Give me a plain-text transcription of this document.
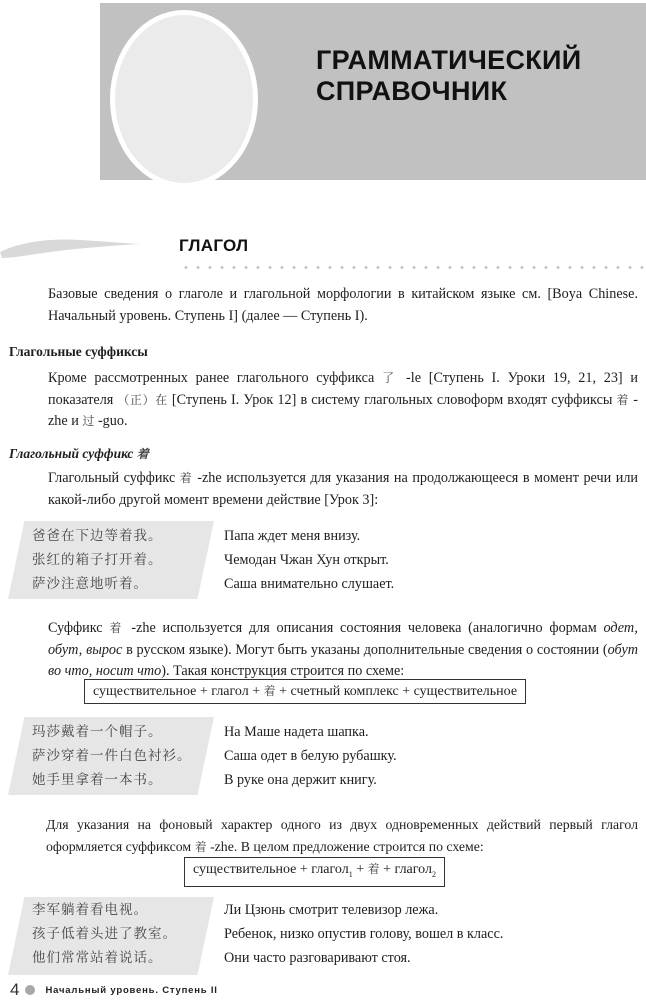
ГРАММАТИЧЕСКИЙ
СПРАВОЧНИК
ГЛАГОЛ

Базовые сведения о глаголе и глагольной морфологии в китайском языке см. [Boya Chinese. Начальный уровень. Ступень I] (далее — Ступень I).

Глагольные суффиксы

Кроме рассмотренных ранее глагольного суффикса 了 -le [Ступень I. Уроки 19, 21, 23] и показателя （正）在 [Ступень I. Урок 12] в систему глагольных словоформ входят суффиксы 着 -zhe и 过 -guo.

Глагольный суффикс 着

Глагольный суффикс 着 -zhe используется для указания на продолжающееся в момент речи или какой-либо другой момент времени действие [Урок 3]:

爸爸在下边等着我。	Папа ждет меня внизу.
张红的箱子打开着。	Чемодан Чжан Хун открыт.
萨沙注意地听着。	Саша внимательно слушает.

Суффикс 着 -zhe используется для описания состояния человека (аналогично формам одет, обут, вырос в русском языке). Могут быть указаны дополнительные сведения о состоянии (обут во что, носит что). Такая конструкция строится по схеме:

существительное + глагол + 着 + счетный комплекс + существительное
玛莎戴着一个帽子。	На Маше надета шапка.
萨沙穿着一件白色衬衫。 Саша одет в белую рубашку.
她手里拿着一本书。	В руке она держит книгу.

Для указания на фоновый характер одного из двух одновременных действий первый глагол оформляется суффиксом 着 -zhe. В целом предложение строится по схеме:

существительное + глагол$_1$ + 着 + глагол$_2$
李军躺着看电视。	Ли Цзюнь смотрит телевизор лежа.
孩子低着头进了教室。	Ребенок, низко опустив голову, вошел в класс.
他们常常站着说话。	Они часто разговаривают стоя.
4	Начальный уровень. Ступень II
